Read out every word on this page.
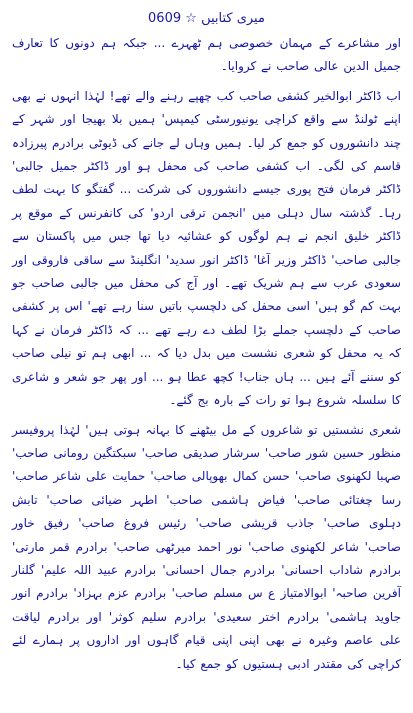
میری کتابیں ☆ 0609

اور مشاعرے کے مہمان خصوصی ہم ٹھہرے ... جبکہ ہم دونوں کا تعارف جمیل الدین عالی صاحب نے کروایا۔

اب ڈاکٹر ابوالخیر کشفی صاحب کب چھپے رہنے والے تھے! لہٰذا انہوں نے بھی اپنے ٹولنڈ سے واقع کراچی یونیورسٹی کیمپس' ہمیں بلا بھیجا اور شہر کے چند دانشوروں کو جمع کر لیا۔ ہمیں وہاں لے جانے کی ڈیوٹی برادرم پیرزادہ قاسم کی لگی۔ اب کشفی صاحب کی محفل ہو اور ڈاکٹر جمیل جالبی' ڈاکٹر فرمان فتح پوری جیسے دانشوروں کی شرکت ... گفتگو کا بہت لطف رہا۔ گذشتہ سال دہلی میں 'انجمن ترقی اردو' کی کانفرنس کے موقع پر ڈاکٹر خلیق انجم نے ہم لوگوں کو عشائیہ دیا تھا جس میں پاکستان سے جالبی صاحب' ڈاکٹر وزیر آغا' ڈاکٹر انور سدید' انگلینڈ سے ساقی فاروقی اور سعودی عرب سے ہم شریک تھے۔ اور آج کی محفل میں جالبی صاحب جو بہت کم گو ہیں' اسی محفل کی دلچسپ باتیں سنا رہے تھے' اس پر کشفی صاحب کے دلچسپ جملے بڑا لطف دے رہے تھے ... کہ ڈاکٹر فرمان نے کہا کہ یہ محفل کو شعری نشست میں بدل دیا کہ ... ابھی ہم تو نیلی صاحب کو سننے آئے ہیں ... ہاں جناب! کچھ عطا ہو ... اور پھر جو شعر و شاعری کا سلسلہ شروع ہوا تو رات کے بارہ بج گئے۔

شعری نشستیں تو شاعروں کے مل بیٹھنے کا بہانہ ہوتی ہیں' لہٰذا پروفیسر منظور حسین شور صاحب' سرشار صدیقی صاحب' سبکتگین رومانی صاحب' صہبا لکھنوی صاحب' حسن کمال بھوپالی صاحب' حمایت علی شاعر صاحب' رسا چغتائی صاحب' فیاض ہاشمی صاحب' اطہر ضیائی صاحب' تابش دہلوی صاحب' جاذب قریشی صاحب' رئیس فروغ صاحب' رفیق خاور صاحب' شاعر لکھنوی صاحب' نور احمد میرٹھی صاحب' برادرم قمر مارتی' برادرم شاداب احسانی' برادرم جمال احسانی' برادرم عبید اللہ علیم' گلنار آفرین صاحبہ' ابوالامتیاز ع س مسلم صاحب' برادرم عزم بہزاد' برادرم انور جاوید ہاشمی' برادرم اختر سعیدی' برادرم سلیم کوثر' اور برادرم لیاقت علی عاصم وغیرہ نے بھی اپنی اپنی قیام گاہوں اور اداروں پر ہمارے لئے کراچی کی مقتدر ادبی ہستیوں کو جمع کیا۔
